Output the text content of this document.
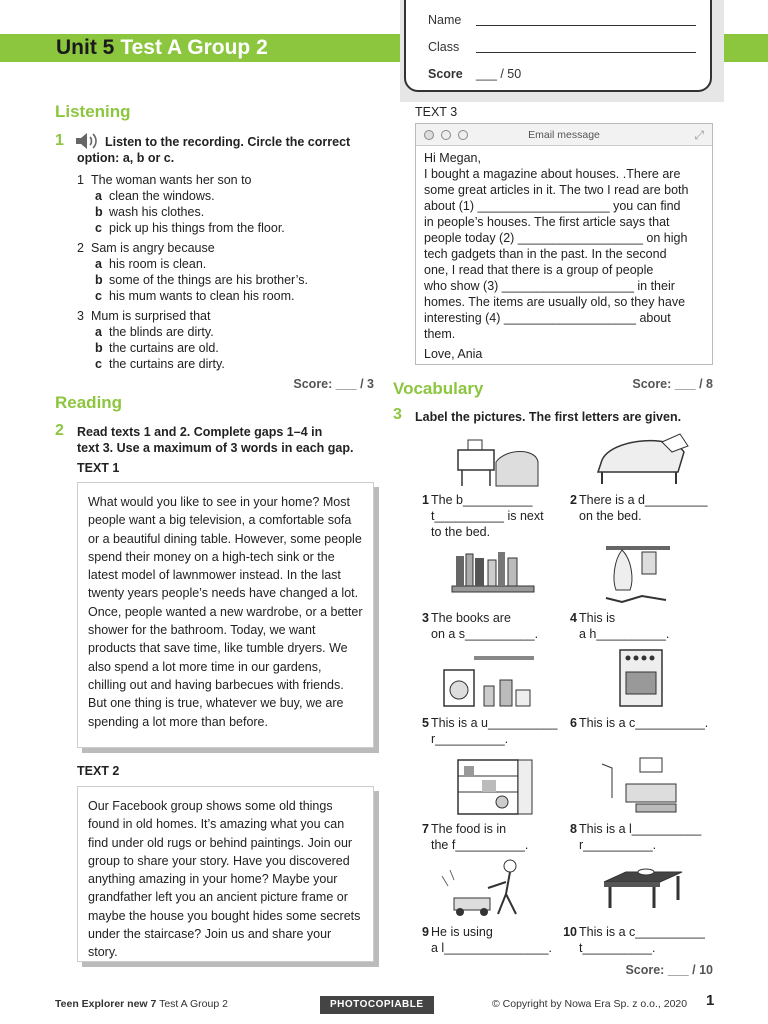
Unit 5 Test A Group 2
Name
Class
Score ___ / 50
Listening
1	Listen to the recording. Circle the correct
option: a, b or c.
1 The woman wants her son to
a clean the windows.
b wash his clothes.
c pick up his things from the floor.
2 Sam is angry because
a his room is clean.
b some of the things are his brother’s.
c his mum wants to clean his room.
3 Mum is surprised that
a the blinds are dirty.
b the curtains are old.
c the curtains are dirty.
Score: ___ / 3
Reading
2 Read texts 1 and 2. Complete gaps 1–4 in
text 3. Use a maximum of 3 words in each gap.
TEXT 1
What would you like to see in your home? Most people want a big television, a comfortable sofa or a beautiful dining table. However, some people spend their money on a high-tech sink or the latest model of lawnmower instead. In the last twenty years people’s needs have changed a lot. Once, people wanted a new wardrobe, or a better shower for the bathroom. Today, we want products that save time, like tumble dryers. We also spend a lot more time in our gardens, chilling out and having barbecues with friends. But one thing is true, whatever we buy, we are spending a lot more than before.
TEXT 2
Our Facebook group shows some old things found in old homes. It’s amazing what you can find under old rugs or behind paintings. Join our group to share your story. Have you discovered anything amazing in your home? Maybe your grandfather left you an ancient picture frame or maybe the house you bought hides some secrets under the staircase? Join us and share your story.
TEXT 3
Email message	⤢
Hi Megan,
I bought a magazine about houses. .There are
some great articles in it. The two I read are both
about (1) ___________________ you can find
in people’s houses. The first article says that
people today (2) __________________ on high
tech gadgets than in the past. In the second
one, I read that there is a group of people
who show (3) ___________________ in their
homes. The items are usually old, so they have
interesting (4) ___________________ about
them.
Love, Ania
Score: ___ / 8
Vocabulary
3 Label the pictures. The first letters are given.
1 The b__________
t__________ is next
to the bed.
2 There is a d_________
on the bed.
3 The books are
on a s__________.
4 This is
a h__________.
5 This is a u__________
r__________.
6 This is a c__________.
7 The food is in
the f__________.
8 This is a l__________
r__________.
9 He is using
a l_______________.
10 This is a c__________
t__________.
Score: ___ / 10
Teen Explorer new 7 Test A Group 2	PHOTOCOPIABLE	© Copyright by Nowa Era Sp. z o.o., 2020 1
